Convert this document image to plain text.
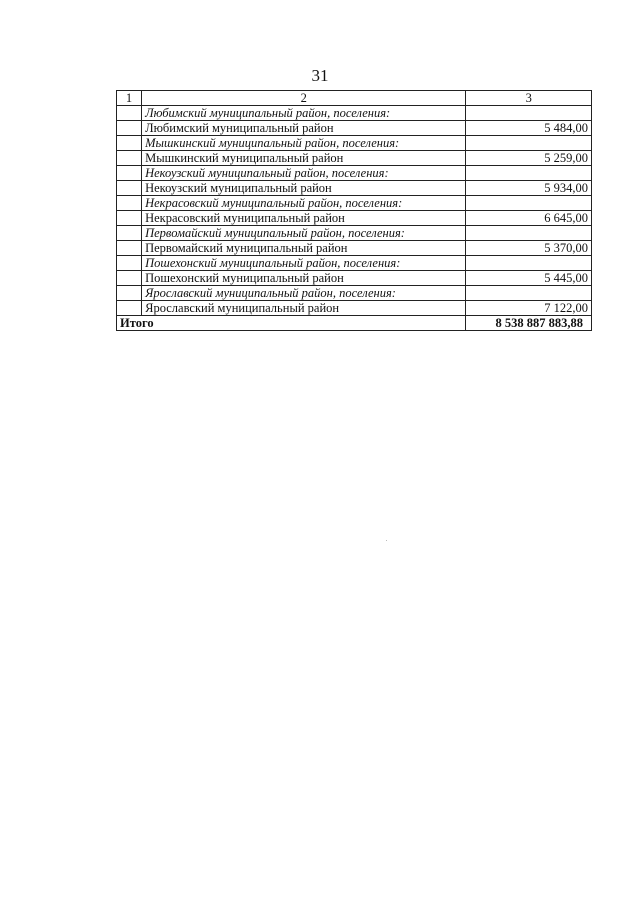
31
1	2	3
	Любимский муниципальный район, поселения:	
	Любимский муниципальный район	5 484,00
	Мышкинский муниципальный район, поселения:	
	Мышкинский муниципальный район	5 259,00
	Некоузский муниципальный район, поселения:	
	Некоузский муниципальный район	5 934,00
	Некрасовский муниципальный район, поселения:	
	Некрасовский муниципальный район	6 645,00
	Первомайский муниципальный район, поселения:	
	Первомайский муниципальный район	5 370,00
	Пошехонский муниципальный район, поселения:	
	Пошехонский муниципальный район	5 445,00
	Ярославский муниципальный район, поселения:	
	Ярославский муниципальный район	7 122,00
Итого		8 538 887 883,88
